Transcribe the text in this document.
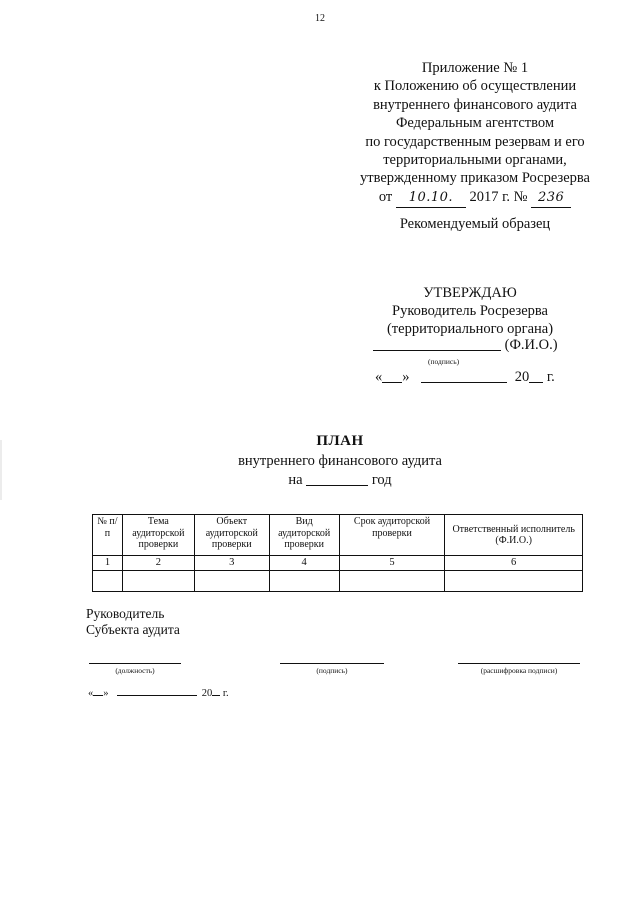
12
Приложение № 1
к Положению об осуществлении
внутреннего финансового аудита
Федеральным агентством
по государственным резервам и его
территориальными органами,
утвержденному приказом Росрезерва
от 10.10. 2017 г. № 236
Рекомендуемый образец
УТВЕРЖДАЮ
Руководитель Росрезерва
(территориального органа)
(Ф.И.О.)
(подпись)
« »	20 г.
ПЛАН
внутреннего финансового аудита
на	год
№ п/п	Тема аудиторской проверки	Объект аудиторской проверки	Вид аудиторской проверки	Срок аудиторской проверки	Ответственный исполнитель (Ф.И.О.)
1	2	3	4	5	6

Руководитель
Субъекта аудита
(должность)	(подпись)	(расшифровка подписи)
« »	20 г.
